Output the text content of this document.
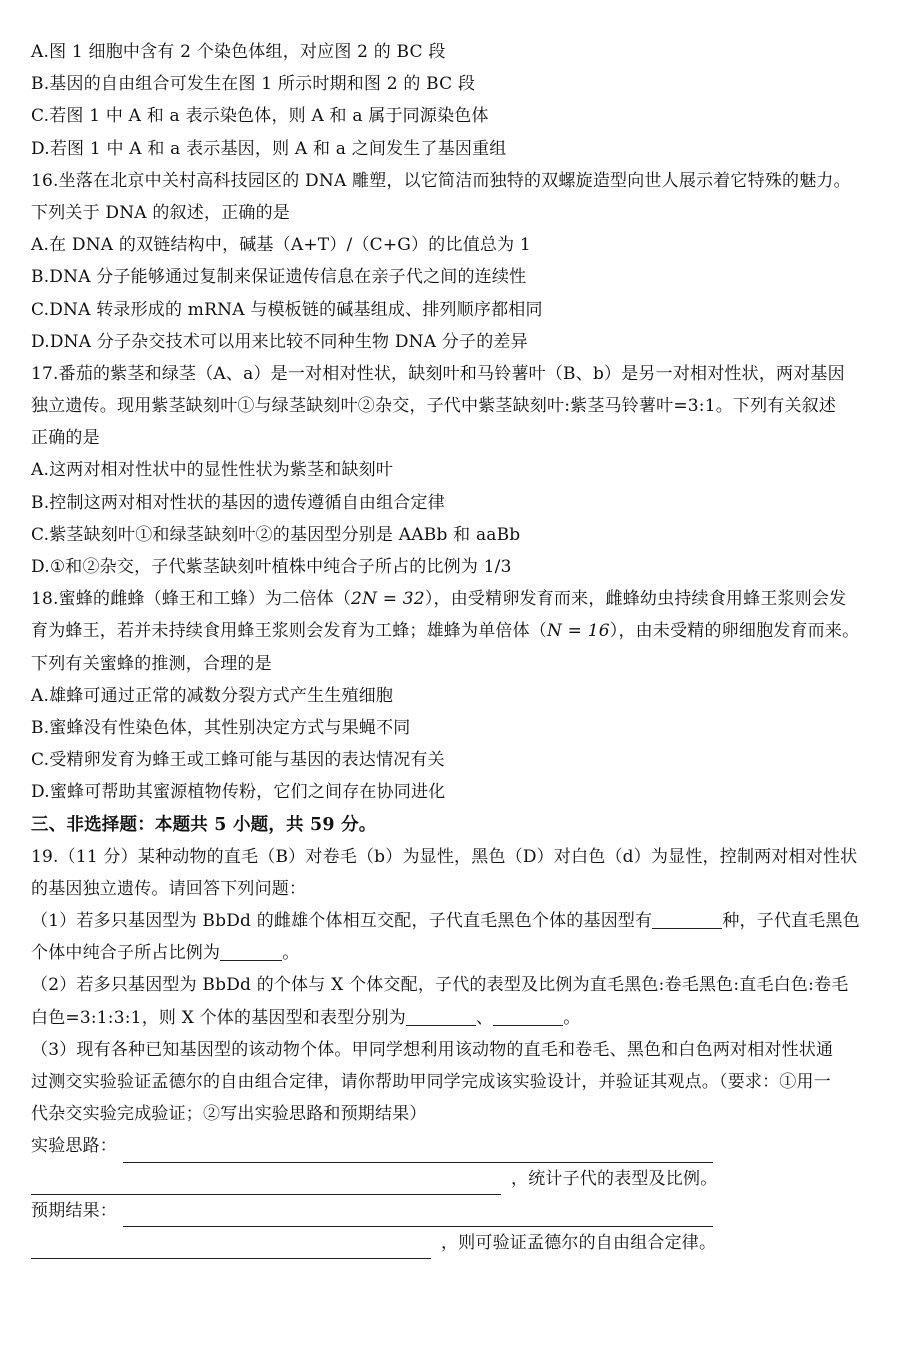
A.图 1 细胞中含有 2 个染色体组，对应图 2 的 BC 段
B.基因的自由组合可发生在图 1 所示时期和图 2 的 BC 段
C.若图 1 中 A 和 a 表示染色体，则 A 和 a 属于同源染色体
D.若图 1 中 A 和 a 表示基因，则 A 和 a 之间发生了基因重组
16.坐落在北京中关村高科技园区的 DNA 雕塑，以它简洁而独特的双螺旋造型向世人展示着它特殊的魅力。
下列关于 DNA 的叙述，正确的是
A.在 DNA 的双链结构中，碱基（A+T）/（C+G）的比值总为 1
B.DNA 分子能够通过复制来保证遗传信息在亲子代之间的连续性
C.DNA 转录形成的 mRNA 与模板链的碱基组成、排列顺序都相同
D.DNA 分子杂交技术可以用来比较不同种生物 DNA 分子的差异
17.番茄的紫茎和绿茎（A、a）是一对相对性状，缺刻叶和马铃薯叶（B、b）是另一对相对性状，两对基因
独立遗传。现用紫茎缺刻叶①与绿茎缺刻叶②杂交，子代中紫茎缺刻叶:紫茎马铃薯叶=3:1。下列有关叙述
正确的是
A.这两对相对性状中的显性性状为紫茎和缺刻叶
B.控制这两对相对性状的基因的遗传遵循自由组合定律
C.紫茎缺刻叶①和绿茎缺刻叶②的基因型分别是 AABb 和 aaBb
D.①和②杂交，子代紫茎缺刻叶植株中纯合子所占的比例为 1/3
18.蜜蜂的雌蜂（蜂王和工蜂）为二倍体（2N = 32），由受精卵发育而来，雌蜂幼虫持续食用蜂王浆则会发
育为蜂王，若并未持续食用蜂王浆则会发育为工蜂；雄蜂为单倍体（N = 16），由未受精的卵细胞发育而来。
下列有关蜜蜂的推测，合理的是
A.雄蜂可通过正常的减数分裂方式产生生殖细胞
B.蜜蜂没有性染色体，其性别决定方式与果蝇不同
C.受精卵发育为蜂王或工蜂可能与基因的表达情况有关
D.蜜蜂可帮助其蜜源植物传粉，它们之间存在协同进化
三、非选择题：本题共 5 小题，共 59 分。
19.（11 分）某种动物的直毛（B）对卷毛（b）为显性，黑色（D）对白色（d）为显性，控制两对相对性状
的基因独立遗传。请回答下列问题：
（1）若多只基因型为 BbDd 的雌雄个体相互交配，子代直毛黑色个体的基因型有	种，子代直毛黑色
个体中纯合子所占比例为	。
（2）若多只基因型为 BbDd 的个体与 X 个体交配，子代的表型及比例为直毛黑色:卷毛黑色:直毛白色:卷毛
白色=3:1:3:1，则 X 个体的基因型和表型分别为	、	。
（3）现有各种已知基因型的该动物个体。甲同学想利用该动物的直毛和卷毛、黑色和白色两对相对性状通
过测交实验验证孟德尔的自由组合定律，请你帮助甲同学完成该实验设计，并验证其观点。（要求：①用一
代杂交实验完成验证；②写出实验思路和预期结果）
实验思路：
，统计子代的表型及比例。
预期结果：
，则可验证孟德尔的自由组合定律。
